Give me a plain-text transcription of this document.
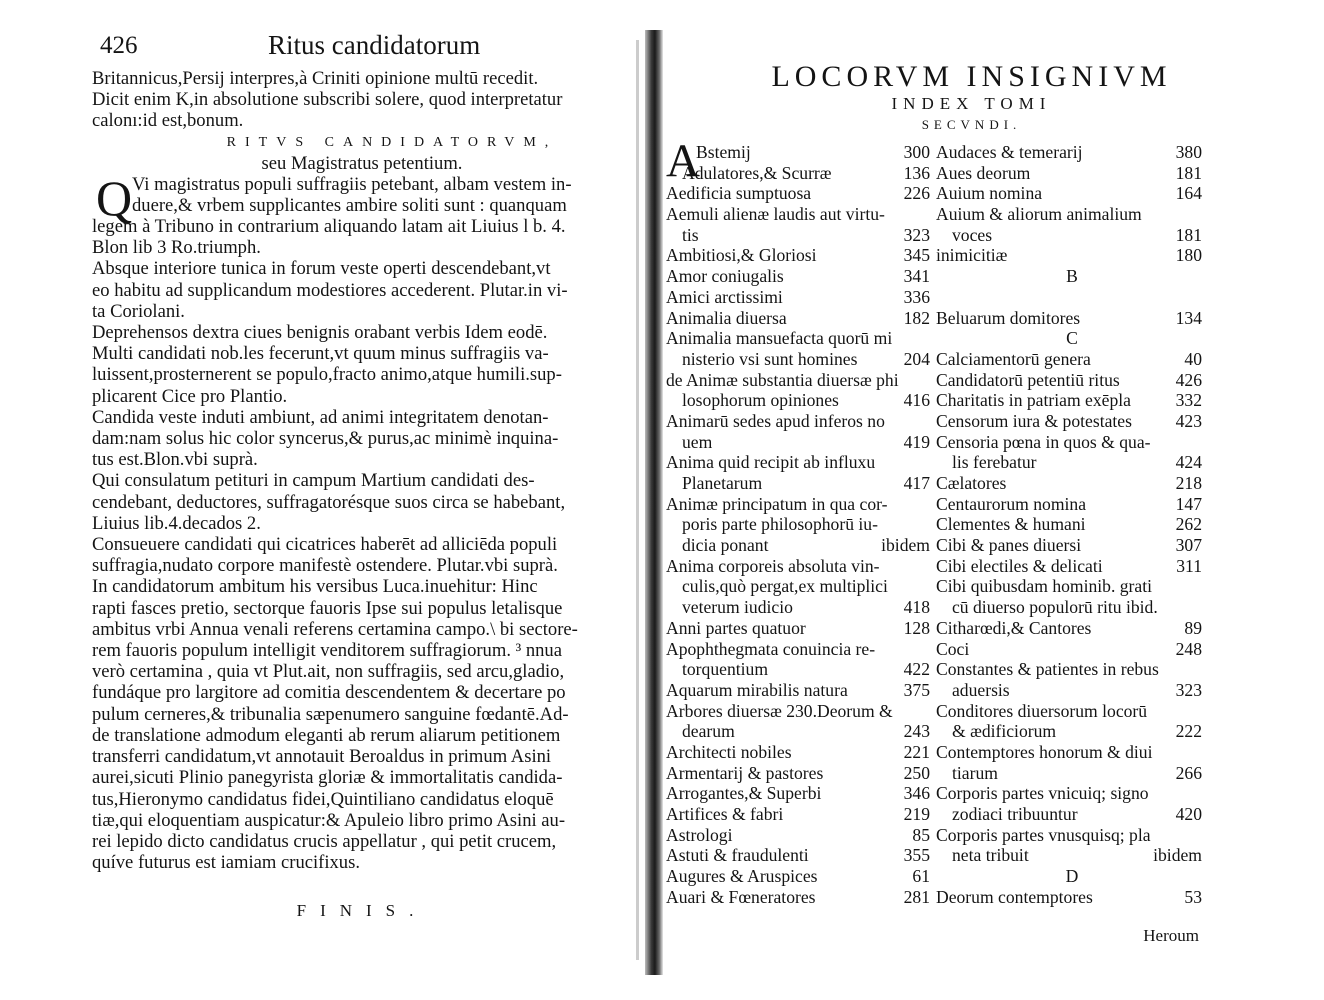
426	Ritus candidatorum
Britannicus,Persij interpres,à Criniti opinione multū recedit.
Dicit enim K,in absolutione subscribi solere, quod interpretatur
calonı:id est,bonum.
RITVS CANDIDATORVM,
seu Magistratus petentium.
Q Vi magistratus populi suffragiis petebant, albam vestem in-
duere,& vrbem supplicantes ambire soliti sunt : quanquam
legem à Tribuno in contrarium aliquando latam ait Liuius l b. 4.
Blon lib 3 Ro.triumph.
Absque interiore tunica in forum veste operti descendebant,vt
eo habitu ad supplicandum modestiores accederent. Plutar.in vi-
ta Coriolani.
Deprehensos dextra ciues benignis orabant verbis Idem eodē.
Multi candidati nob.les fecerunt,vt quum minus suffragiis va-
luissent,prosternerent se populo,fracto animo,atque humili.sup-
plicarent Cice pro Plantio.
Candida veste induti ambiunt, ad animi integritatem denotan-
dam:nam solus hic color syncerus,& purus,ac minimè inquina-
tus est.Blon.vbi suprà.
Qui consulatum petituri in campum Martium candidati des-
cendebant, deductores, suffragatorésque suos circa se habebant,
Liuius lib.4.decados 2.
Consueuere candidati qui cicatrices haberēt ad alliciēda populi
suffragia,nudato corpore manifestè ostendere. Plutar.vbi suprà.
In candidatorum ambitum his versibus Luca.inuehitur: Hinc
rapti fasces pretio, sectorque fauoris Ipse sui populus letalisque
ambitus vrbi Annua venali referens certamina campo.\ bi sectore-
rem fauoris populum intelligit venditorem suffragiorum. ³ nnua
verò certamina , quia vt Plut.ait, non suffragiis, sed arcu,gladio,
fundáque pro largitore ad comitia descendentem & decertare po
pulum cerneres,& tribunalia sæpenumero sanguine fœdantē.Ad-
de translatione admodum eleganti ab rerum aliarum petitionem
transferri candidatum,vt annotauit Beroaldus in primum Asini
aurei,sicuti Plinio panegyrista gloriæ & immortalitatis candida-
tus,Hieronymo candidatus fidei,Quintiliano candidatus eloquē
tiæ,qui eloquentiam auspicatur:& Apuleio libro primo Asini au-
rei lepido dicto candidatus crucis appellatur , qui petit crucem,
quíve futurus est iamiam crucifixus.
FINIS.
LOCORVM INSIGNIVM
INDEX TOMI
SECVNDI.
A
Bstemij	300
Adulatores,& Scurræ	136
Aedificia sumptuosa	226
Aemuli alienæ laudis aut virtu-
tis	323
Ambitiosi,& Gloriosi	345
Amor coniugalis	341
Amici arctissimi	336
Animalia diuersa	182
Animalia mansuefacta quorū mi
nisterio vsi sunt homines	204
de Animæ substantia diuersæ phi
losophorum opiniones	416
Animarū sedes apud inferos no
uem	419
Anima quid recipit ab influxu
Planetarum	417
Animæ principatum in qua cor-
poris parte philosophorū iu-
dicia ponant	ibidem
Anima corporeis absoluta vin-
culis,quò pergat,ex multiplici
veterum iudicio	418
Anni partes quatuor	128
Apophthegmata conuincia re-
torquentium	422
Aquarum mirabilis natura	375
Arbores diuersæ 230.Deorum &
dearum	243
Architecti nobiles	221
Armentarij & pastores	250
Arrogantes,& Superbi	346
Artifices & fabri	219
Astrologi	85
Astuti & fraudulenti	355
Augures & Aruspices	61
Auari & Fœneratores	281
Audaces & temerarij	380
Aues deorum	181
Auium nomina	164
Auium & aliorum animalium
voces	181
inimicitiæ	180
B
Beluarum domitores	134
C
Calciamentorū genera	40
Candidatorū petentiū ritus	426
Charitatis in patriam exēpla	332
Censorum iura & potestates 423
Censoria pœna in quos & qua-
lis ferebatur	424
Cælatores	218
Centaurorum nomina	147
Clementes & humani	262
Cibi & panes diuersi	307
Cibi electiles & delicati	311
Cibi quibusdam hominib. grati
cū diuerso populorū ritu ibid.
Citharœdi,& Cantores	89
Coci	248
Constantes & patientes in rebus
aduersis	323
Conditores diuersorum locorū
& ædificiorum	222
Contemptores honorum & diui
tiarum	266
Corporis partes vnicuiq; signo
zodiaci tribuuntur	420
Corporis partes vnusquisq; pla
neta tribuit	ibidem
D
Deorum contemptores	53
Heroum
